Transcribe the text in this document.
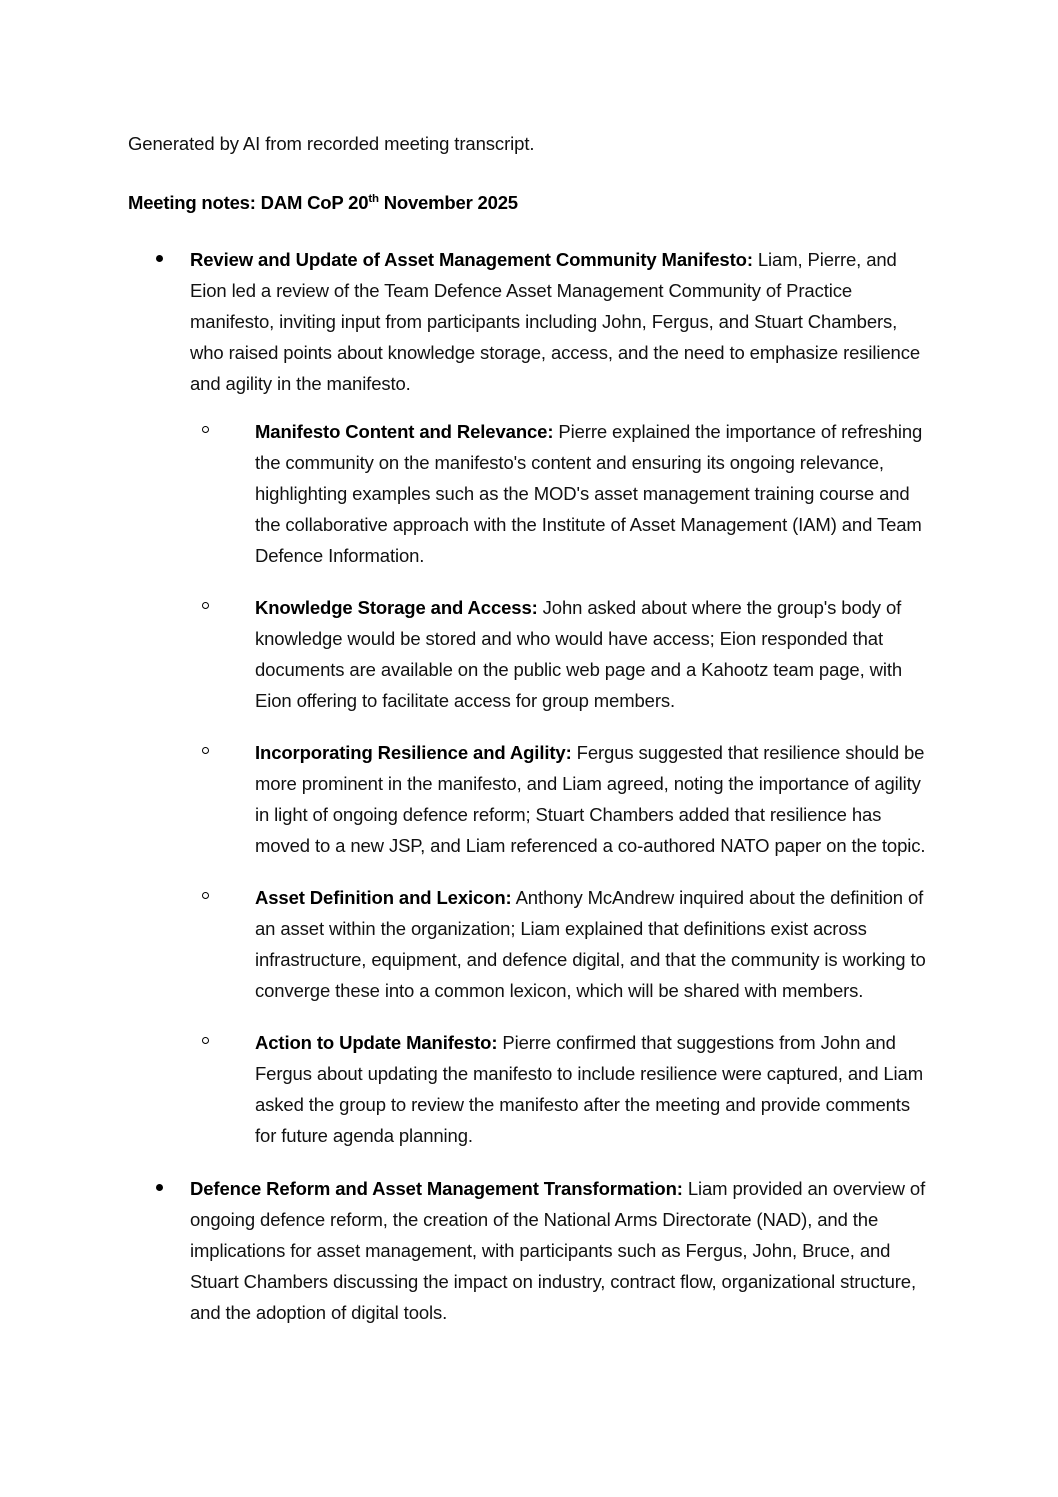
Generated by AI from recorded meeting transcript.

Meeting notes: DAM CoP 20th November 2025

Review and Update of Asset Management Community Manifesto: Liam, Pierre, and Eion led a review of the Team Defence Asset Management Community of Practice manifesto, inviting input from participants including John, Fergus, and Stuart Chambers, who raised points about knowledge storage, access, and the need to emphasize resilience and agility in the manifesto.
Manifesto Content and Relevance: Pierre explained the importance of refreshing the community on the manifesto's content and ensuring its ongoing relevance, highlighting examples such as the MOD's asset management training course and the collaborative approach with the Institute of Asset Management (IAM) and Team Defence Information.
Knowledge Storage and Access: John asked about where the group's body of knowledge would be stored and who would have access; Eion responded that documents are available on the public web page and a Kahootz team page, with Eion offering to facilitate access for group members.
Incorporating Resilience and Agility: Fergus suggested that resilience should be more prominent in the manifesto, and Liam agreed, noting the importance of agility in light of ongoing defence reform; Stuart Chambers added that resilience has moved to a new JSP, and Liam referenced a co-authored NATO paper on the topic.
Asset Definition and Lexicon: Anthony McAndrew inquired about the definition of an asset within the organization; Liam explained that definitions exist across infrastructure, equipment, and defence digital, and that the community is working to converge these into a common lexicon, which will be shared with members.
Action to Update Manifesto: Pierre confirmed that suggestions from John and Fergus about updating the manifesto to include resilience were captured, and Liam asked the group to review the manifesto after the meeting and provide comments for future agenda planning.
Defence Reform and Asset Management Transformation: Liam provided an overview of ongoing defence reform, the creation of the National Arms Directorate (NAD), and the implications for asset management, with participants such as Fergus, John, Bruce, and Stuart Chambers discussing the impact on industry, contract flow, organizational structure, and the adoption of digital tools.
